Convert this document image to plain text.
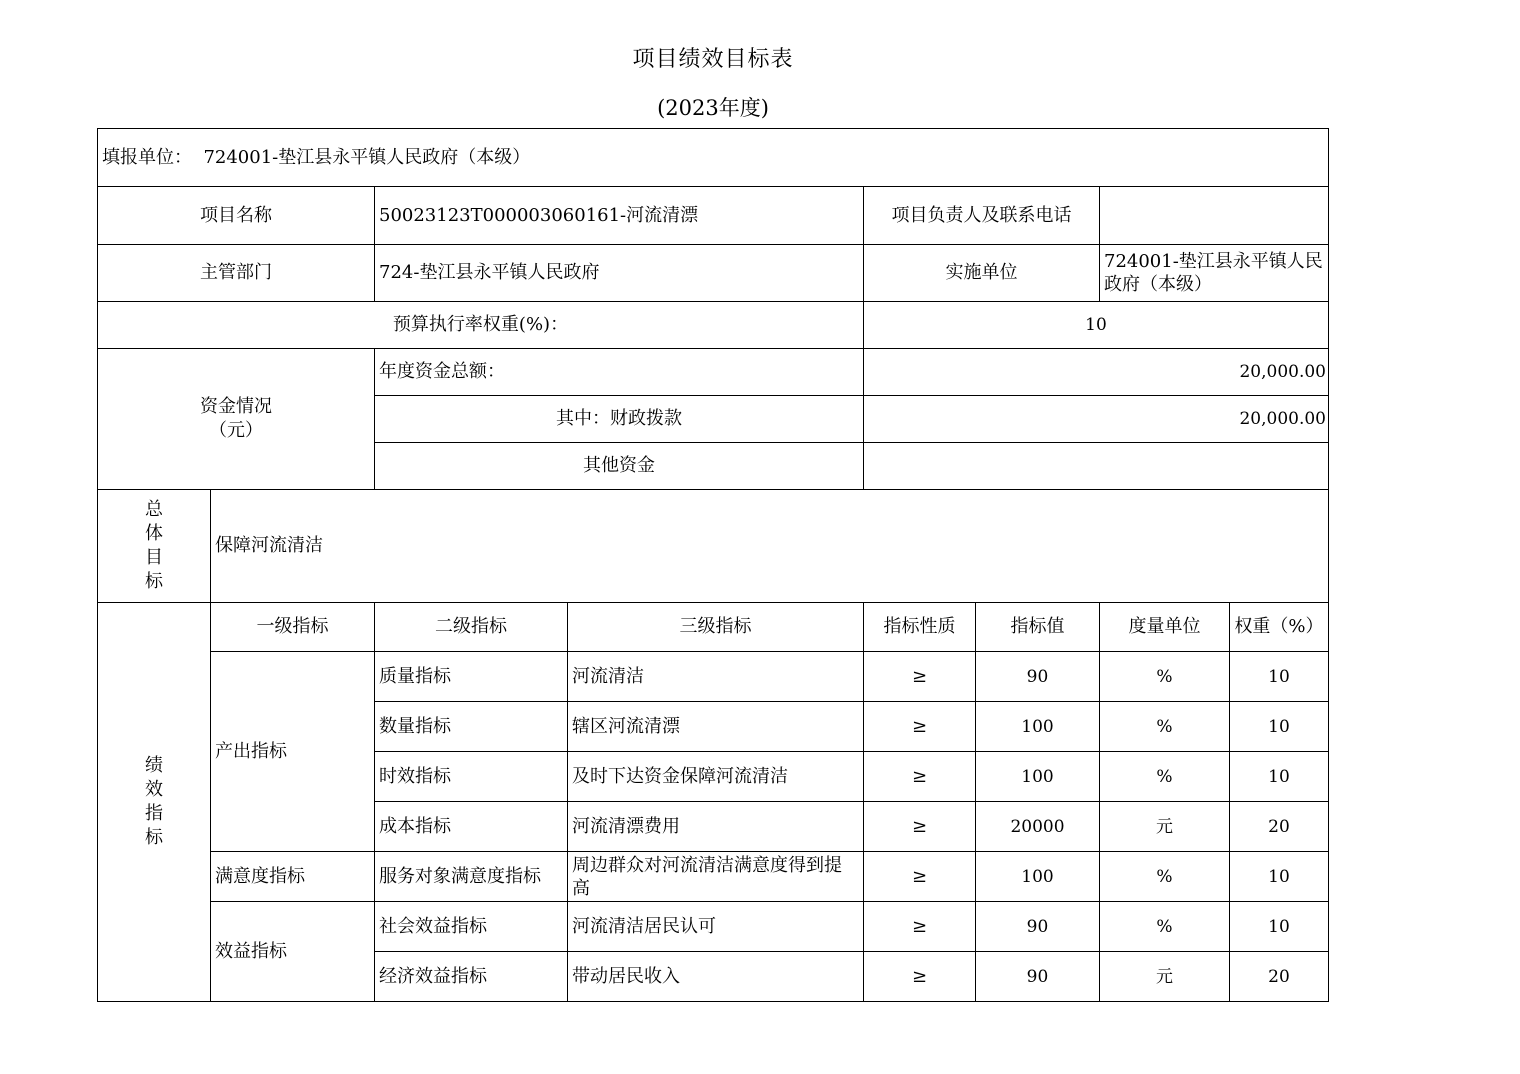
项目绩效目标表
(2023年度)
填报单位： 724001-垫江县永平镇人民政府（本级）							
项目名称		50023123T000003060161-河流清漂		项目负责人及联系电话			
主管部门		724-垫江县永平镇人民政府		实施单位		724001-垫江县永平镇人民政府（本级）	
预算执行率权重(%)：				10			
资金情况
（元）		年度资金总额：		20,000.00			
		其中：财政拨款		20,000.00			
		其他资金					

总
体
目
标	保障河流清洁						

绩
效
指
标	一级指标	二级指标	三级指标	指标性质	指标值	度量单位	权重（%）
	产出指标	质量指标	河流清洁	≥	90	%	10
		数量指标	辖区河流清漂	≥	100	%	10
		时效指标	及时下达资金保障河流清洁	≥	100	%	10
		成本指标	河流清漂费用	≥	20000	元	20
	满意度指标	服务对象满意度指标	周边群众对河流清洁满意度得到提高	≥	100	%	10
	效益指标	社会效益指标	河流清洁居民认可	≥	90	%	10
		经济效益指标	带动居民收入	≥	90	元	20
